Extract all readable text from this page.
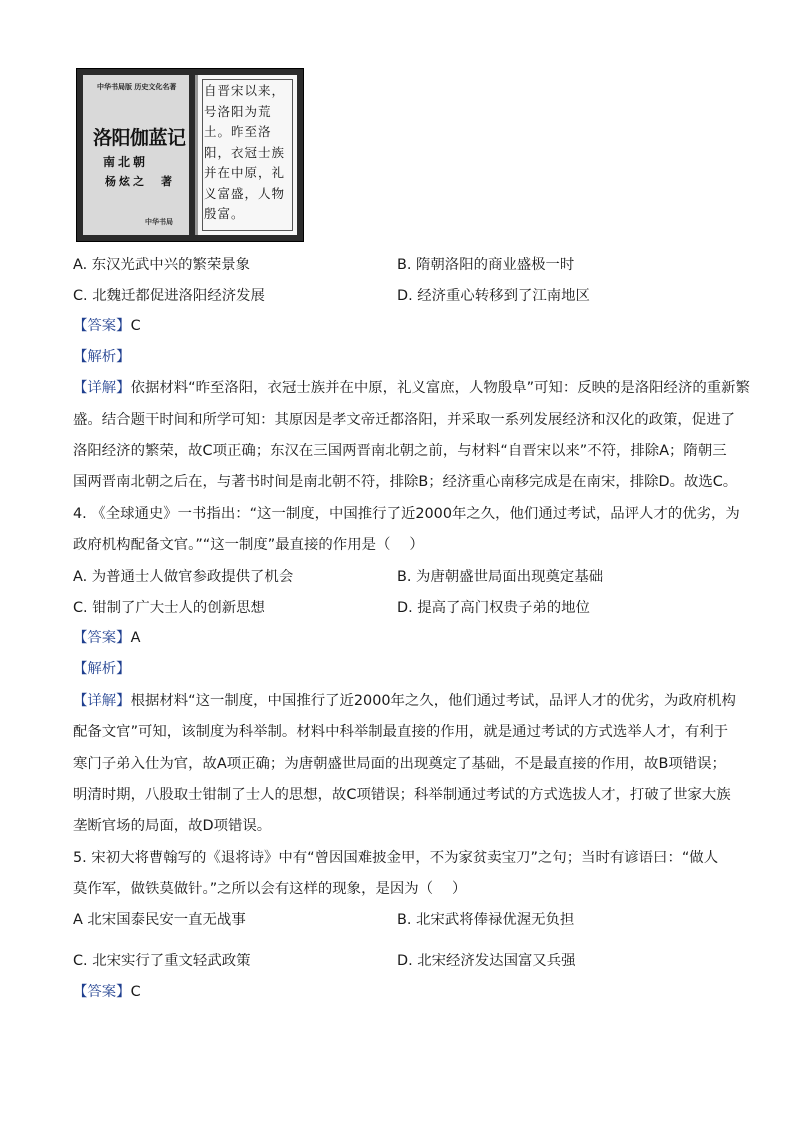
中华书局版 历史文化名著
洛阳伽蓝记
南北朝
杨炫之　著
中华书局
自晋宋以来，号洛阳为荒土。昨至洛阳，衣冠士族并在中原，礼义富盛，人物殷富。
A. 东汉光武中兴的繁荣景象	B. 隋朝洛阳的商业盛极一时
C. 北魏迁都促进洛阳经济发展	D. 经济重心转移到了江南地区
【答案】C
【解析】
【详解】依据材料“昨至洛阳，衣冠士族并在中原，礼义富庶，人物殷阜”可知：反映的是洛阳经济的重新繁
盛。结合题干时间和所学可知：其原因是孝文帝迁都洛阳，并采取一系列发展经济和汉化的政策，促进了
洛阳经济的繁荣，故C项正确；东汉在三国两晋南北朝之前，与材料“自晋宋以来”不符，排除A；隋朝三
国两晋南北朝之后在，与著书时间是南北朝不符，排除B；经济重心南移完成是在南宋，排除D。故选C。
4. 《全球通史》一书指出：“这一制度，中国推行了近2000年之久，他们通过考试，品评人才的优劣，为
政府机构配备文官。”“这一制度”最直接的作用是（　 ）
A. 为普通士人做官参政提供了机会	B. 为唐朝盛世局面出现奠定基础
C. 钳制了广大士人的创新思想	D. 提高了高门权贵子弟的地位
【答案】A
【解析】
【详解】根据材料“这一制度，中国推行了近2000年之久，他们通过考试，品评人才的优劣，为政府机构
配备文官”可知，该制度为科举制。材料中科举制最直接的作用，就是通过考试的方式选举人才，有利于
寒门子弟入仕为官，故A项正确；为唐朝盛世局面的出现奠定了基础，不是最直接的作用，故B项错误；
明清时期，八股取士钳制了士人的思想，故C项错误；科举制通过考试的方式选拔人才，打破了世家大族
垄断官场的局面，故D项错误。
5. 宋初大将曹翰写的《退将诗》中有“曾因国难披金甲，不为家贫卖宝刀”之句；当时有谚语曰：“做人
莫作军，做铁莫做针。”之所以会有这样的现象，是因为（　 ）
A 北宋国泰民安一直无战事	B. 北宋武将俸禄优渥无负担
C. 北宋实行了重文轻武政策	D. 北宋经济发达国富又兵强
【答案】C
